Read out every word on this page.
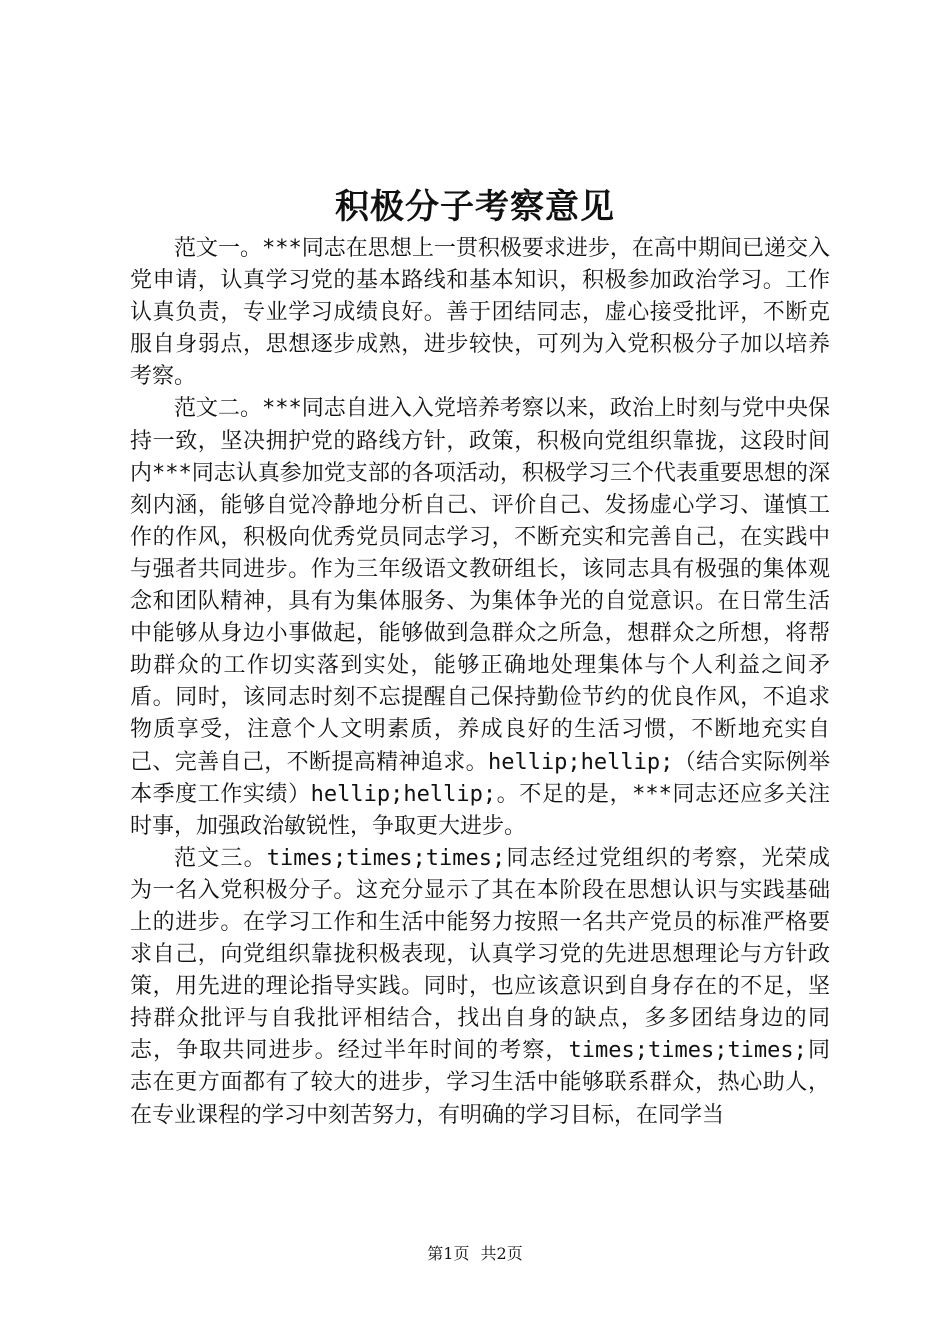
积极分子考察意见

范文一。***同志在思想上一贯积极要求进步，在高中期间已递交入党申请，认真学习党的基本路线和基本知识，积极参加政治学习。工作认真负责，专业学习成绩良好。善于团结同志，虚心接受批评，不断克服自身弱点，思想逐步成熟，进步较快，可列为入党积极分子加以培养考察。

范文二。***同志自进入入党培养考察以来，政治上时刻与党中央保持一致，坚决拥护党的路线方针，政策，积极向党组织靠拢，这段时间内***同志认真参加党支部的各项活动，积极学习三个代表重要思想的深刻内涵，能够自觉冷静地分析自己、评价自己、发扬虚心学习、谨慎工作的作风，积极向优秀党员同志学习，不断充实和完善自己，在实践中与强者共同进步。作为三年级语文教研组长，该同志具有极强的集体观念和团队精神，具有为集体服务、为集体争光的自觉意识。在日常生活中能够从身边小事做起，能够做到急群众之所急，想群众之所想，将帮助群众的工作切实落到实处，能够正确地处理集体与个人利益之间矛盾。同时，该同志时刻不忘提醒自己保持勤俭节约的优良作风，不追求物质享受，注意个人文明素质，养成良好的生活习惯，不断地充实自己、完善自己，不断提高精神追求。hellip;hellip;（结合实际例举本季度工作实绩）hellip;hellip;。不足的是，***同志还应多关注时事，加强政治敏锐性，争取更大进步。

范文三。times;times;times;同志经过党组织的考察，光荣成为一名入党积极分子。这充分显示了其在本阶段在思想认识与实践基础上的进步。在学习工作和生活中能努力按照一名共产党员的标准严格要求自己，向党组织靠拢积极表现，认真学习党的先进思想理论与方针政策，用先进的理论指导实践。同时，也应该意识到自身存在的不足，坚持群众批评与自我批评相结合，找出自身的缺点，多多团结身边的同志，争取共同进步。经过半年时间的考察，times;times;times;同志在更方面都有了较大的进步，学习生活中能够联系群众，热心助人，在专业课程的学习中刻苦努力，有明确的学习目标，在同学当

第1页 共2页
